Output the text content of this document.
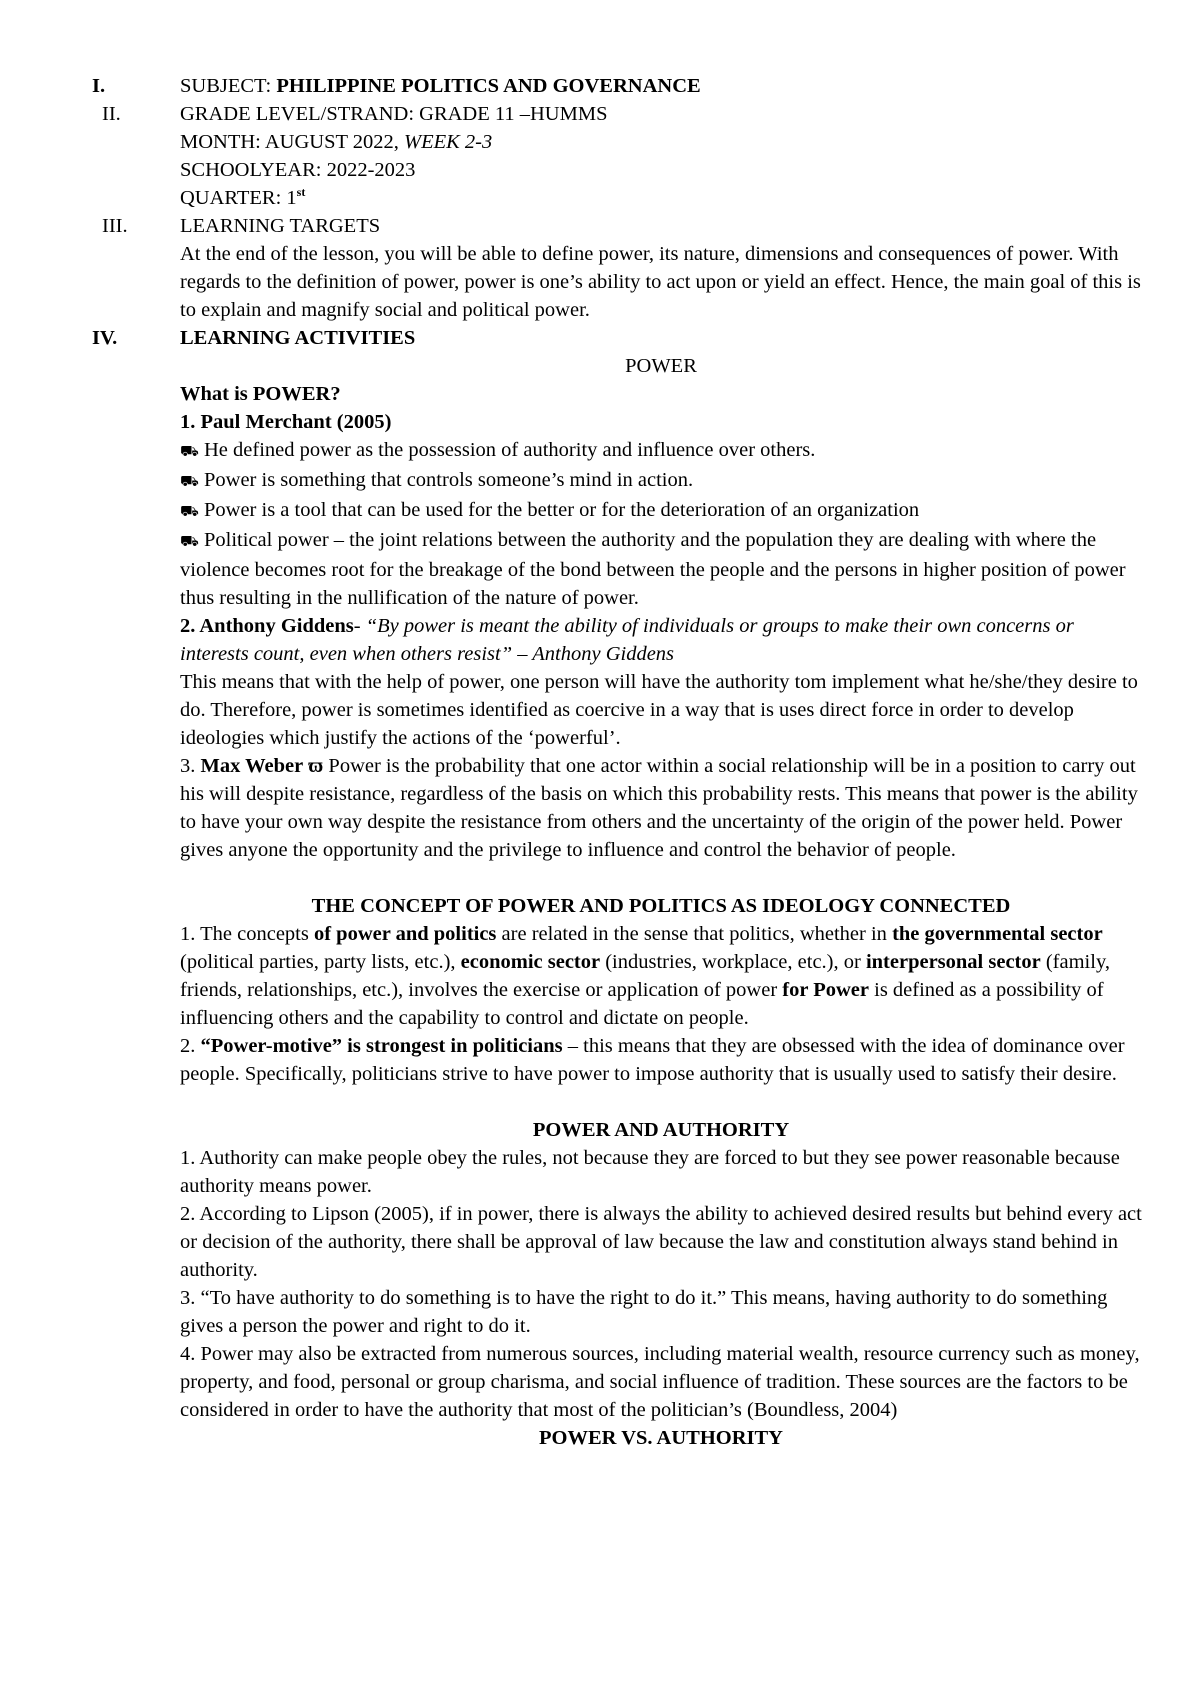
I.	SUBJECT: PHILIPPINE POLITICS AND GOVERNANCE
II.	GRADE LEVEL/STRAND: GRADE 11 –HUMMS

MONTH: AUGUST 2022, WEEK 2-3

SCHOOLYEAR: 2022-2023

QUARTER: 1st

III.	LEARNING TARGETS

At the end of the lesson, you will be able to define power, its nature, dimensions and consequences of power. With regards to the definition of power, power is one’s ability to act upon or yield an effect. Hence, the main goal of this is to explain and magnify social and political power.

IV.	LEARNING ACTIVITIES

POWER

What is POWER?

1. Paul Merchant (2005)

⛟ He defined power as the possession of authority and influence over others.

⛟ Power is something that controls someone’s mind in action.

⛟ Power is a tool that can be used for the better or for the deterioration of an organization

⛟ Political power – the joint relations between the authority and the population they are dealing with where the violence becomes root for the breakage of the bond between the people and the persons in higher position of power thus resulting in the nullification of the nature of power.

2. Anthony Giddens- “By power is meant the ability of individuals or groups to make their own concerns or interests count, even when others resist” – Anthony Giddens

This means that with the help of power, one person will have the authority tom implement what he/she/they desire to do. Therefore, power is sometimes identified as coercive in a way that is uses direct force in order to develop ideologies which justify the actions of the ‘powerful’.

3. Max Weber ϖ Power is the probability that one actor within a social relationship will be in a position to carry out his will despite resistance, regardless of the basis on which this probability rests. This means that power is the ability to have your own way despite the resistance from others and the uncertainty of the origin of the power held. Power gives anyone the opportunity and the privilege to influence and control the behavior of people.

THE CONCEPT OF POWER AND POLITICS AS IDEOLOGY CONNECTED

1. The concepts of power and politics are related in the sense that politics, whether in the governmental sector (political parties, party lists, etc.), economic sector (industries, workplace, etc.), or interpersonal sector (family, friends, relationships, etc.), involves the exercise or application of power for Power is defined as a possibility of influencing others and the capability to control and dictate on people.

2. “Power-motive” is strongest in politicians – this means that they are obsessed with the idea of dominance over people. Specifically, politicians strive to have power to impose authority that is usually used to satisfy their desire.

POWER AND AUTHORITY

1. Authority can make people obey the rules, not because they are forced to but they see power reasonable because authority means power.

2. According to Lipson (2005), if in power, there is always the ability to achieved desired results but behind every act or decision of the authority, there shall be approval of law because the law and constitution always stand behind in authority.

3. “To have authority to do something is to have the right to do it.” This means, having authority to do something gives a person the power and right to do it.

4. Power may also be extracted from numerous sources, including material wealth, resource currency such as money, property, and food, personal or group charisma, and social influence of tradition. These sources are the factors to be considered in order to have the authority that most of the politician’s (Boundless, 2004)

POWER VS. AUTHORITY
